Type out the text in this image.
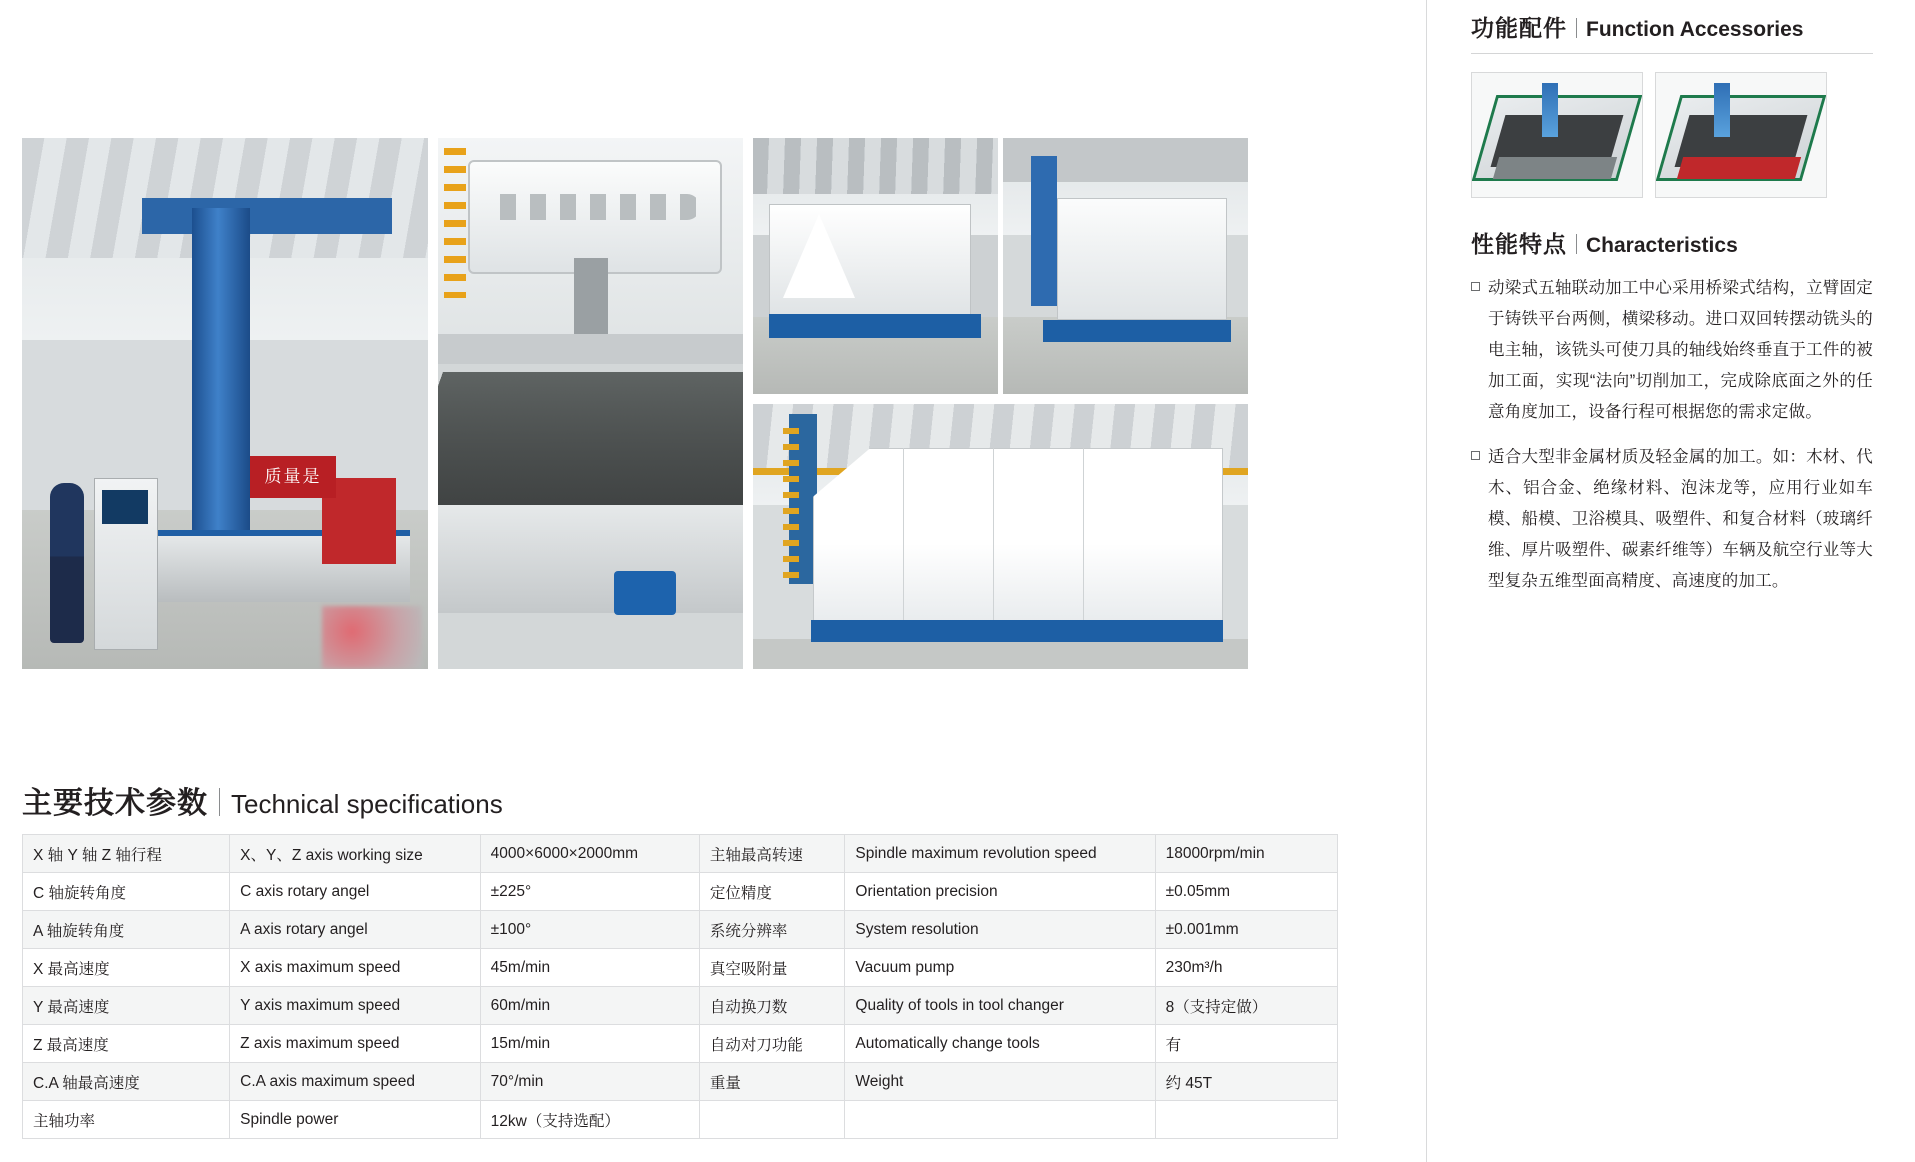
质量是
主要技术参数 Technical specifications
X 轴 Y 轴 Z 轴行程	X、Y、Z axis working size	4000×6000×2000mm	主轴最高转速	Spindle maximum revolution speed	18000rpm/min
C 轴旋转角度	C axis rotary angel	±225°	定位精度	Orientation precision	±0.05mm
A 轴旋转角度	A axis rotary angel	±100°	系统分辨率	System resolution	±0.001mm
X 最高速度	X axis maximum speed	45m/min	真空吸附量	Vacuum pump	230m³/h
Y 最高速度	Y axis maximum speed	60m/min	自动换刀数	Quality of tools in tool changer	8（支持定做）
Z 最高速度	Z axis maximum speed	15m/min	自动对刀功能	Automatically change tools	有
C.A 轴最高速度	C.A axis maximum speed	70°/min	重量	Weight	约 45T
主轴功率	Spindle power	12kw（支持选配）			
功能配件 Function Accessories
性能特点 Characteristics
动梁式五轴联动加工中心采用桥梁式结构，立臂固定于铸铁平台两侧，横梁移动。进口双回转摆动铣头的电主轴，该铣头可使刀具的轴线始终垂直于工件的被加工面，实现“法向”切削加工，完成除底面之外的任意角度加工，设备行程可根据您的需求定做。
适合大型非金属材质及轻金属的加工。如：木材、代木、铝合金、绝缘材料、泡沫龙等，应用行业如车模、船模、卫浴模具、吸塑件、和复合材料（玻璃纤维、厚片吸塑件、碳素纤维等）车辆及航空行业等大型复杂五维型面高精度、高速度的加工。
